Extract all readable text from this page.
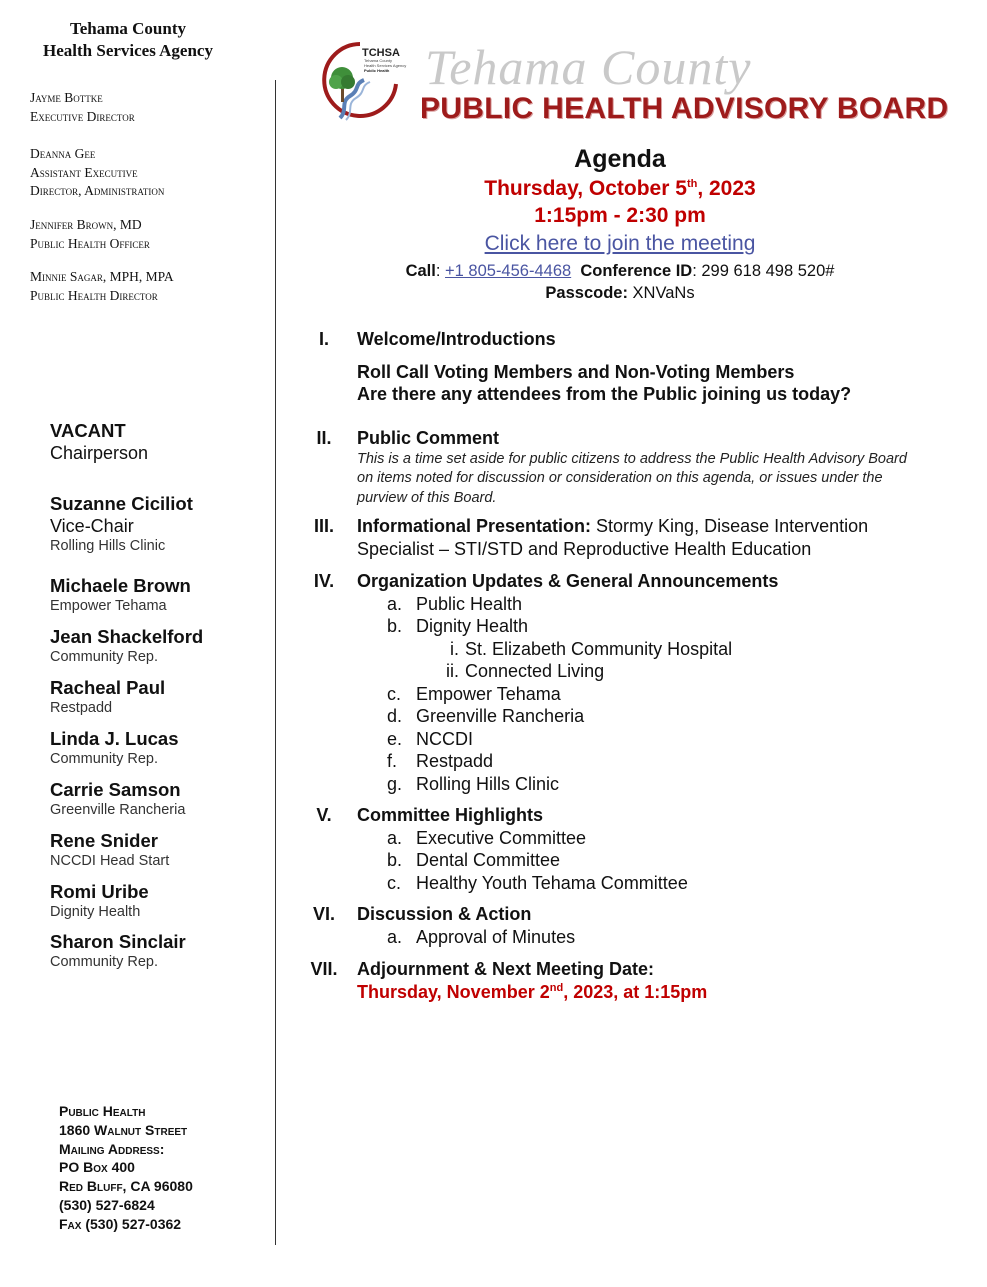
Tehama County
Health Services Agency
Jayme Bottke
Executive Director
Deanna Gee
Assistant Executive
Director, Administration
Jennifer Brown, MD
Public Health Officer
Minnie Sagar, MPH, MPA
Public Health Director
VACANT
Chairperson
Suzanne Ciciliot
Vice-Chair
Rolling Hills Clinic
Michaele Brown
Empower Tehama
Jean Shackelford
Community Rep.
Racheal Paul
Restpadd
Linda J. Lucas
Community Rep.
Carrie Samson
Greenville Rancheria
Rene Snider
NCCDI Head Start
Romi Uribe
Dignity Health
Sharon Sinclair
Community Rep.
Public Health
1860 Walnut Street
Mailing Address:
PO Box 400
Red Bluff, CA 96080
(530) 527-6824
Fax (530) 527-0362
TCHSA
Tehama County
Health Services Agency
Public Health Tehama County
PUBLIC HEALTH ADVISORY BOARD
Agenda
Thursday, October 5th, 2023
1:15pm - 2:30 pm
Click here to join the meeting
Call: +1 805-456-4468 Conference ID: 299 618 498 520#
Passcode: XNVaNs
I.	Welcome/Introductions
Roll Call Voting Members and Non-Voting Members
Are there any attendees from the Public joining us today?
II.	Public Comment
This is a time set aside for public citizens to address the Public Health Advisory Board on items noted for discussion or consideration on this agenda, or issues under the purview of this Board.
III.	Informational Presentation: Stormy King, Disease Intervention Specialist – STI/STD and Reproductive Health Education
IV.	Organization Updates & General Announcements
a. Public Health
b. Dignity Health
i. St. Elizabeth Community Hospital
ii. Connected Living
c. Empower Tehama
d. Greenville Rancheria
e. NCCDI
f.	Restpadd
g. Rolling Hills Clinic
V.	Committee Highlights
a. Executive Committee
b. Dental Committee
c. Healthy Youth Tehama Committee
VI.	Discussion & Action
a. Approval of Minutes
VII.	Adjournment & Next Meeting Date:
Thursday, November 2nd, 2023, at 1:15pm
